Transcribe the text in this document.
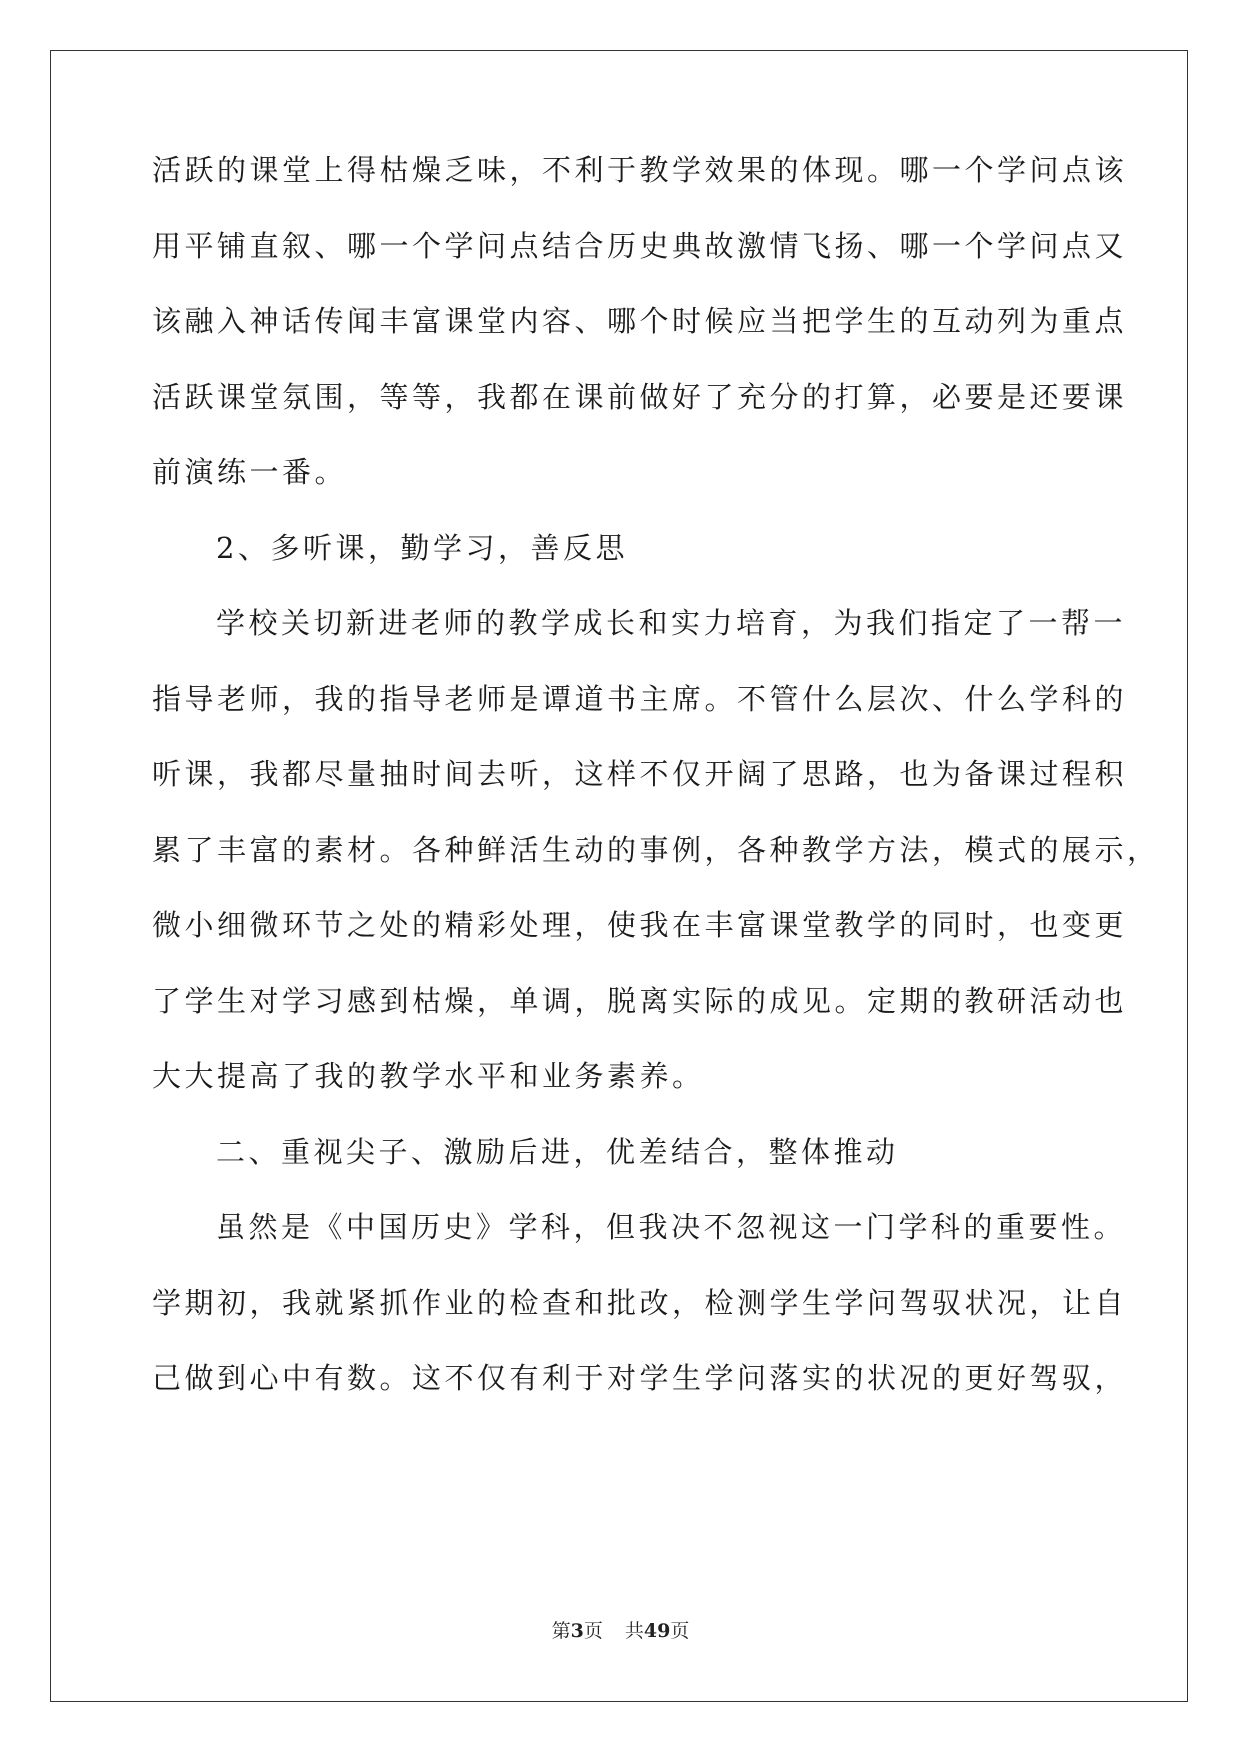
活跃的课堂上得枯燥乏味，不利于教学效果的体现。哪一个学问点该
用平铺直叙、哪一个学问点结合历史典故激情飞扬、哪一个学问点又
该融入神话传闻丰富课堂内容、哪个时候应当把学生的互动列为重点
活跃课堂氛围，等等，我都在课前做好了充分的打算，必要是还要课
前演练一番。
2、多听课，勤学习，善反思
学校关切新进老师的教学成长和实力培育，为我们指定了一帮一
指导老师，我的指导老师是谭道书主席。不管什么层次、什么学科的
听课，我都尽量抽时间去听，这样不仅开阔了思路，也为备课过程积
累了丰富的素材。各种鲜活生动的事例，各种教学方法，模式的展示，
微小细微环节之处的精彩处理，使我在丰富课堂教学的同时，也变更
了学生对学习感到枯燥，单调，脱离实际的成见。定期的教研活动也
大大提高了我的教学水平和业务素养。
二、重视尖子、激励后进，优差结合，整体推动
虽然是《中国历史》学科，但我决不忽视这一门学科的重要性。
学期初，我就紧抓作业的检查和批改，检测学生学问驾驭状况，让自
己做到心中有数。这不仅有利于对学生学问落实的状况的更好驾驭，
第3页 共49页
